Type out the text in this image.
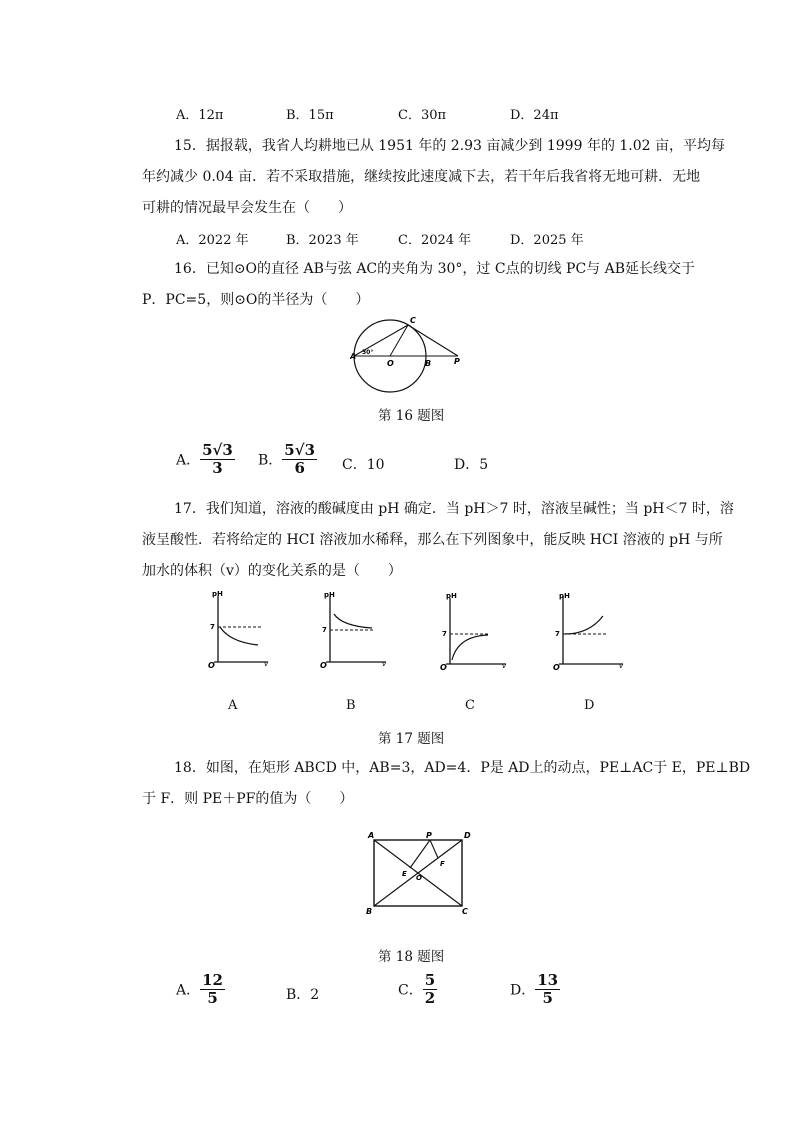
A．12π	B．15π	C．30π	D．24π
15．据报载，我省人均耕地已从 1951 年的 2.93 亩减少到 1999 年的 1.02 亩，平均每
年约减少 0.04 亩．若不采取措施，继续按此速度减下去，若干年后我省将无地可耕．无地
可耕的情况最早会发生在（　　）
A．2022 年	B．2023 年	C．2024 年	D．2025 年
16．已知⊙O的直径 AB与弦 AC的夹角为 30°，过 C点的切线 PC与 AB延长线交于
P．PC=5，则⊙O的半径为（　　）
A
C
O	B	P
30°
第 16 题图
A． $\frac{5√3}{3}$ B． $\frac{5√3}{6}$ C．10	D．5
17．我们知道，溶液的酸碱度由 pH 确定．当 pH＞7 时，溶液呈碱性；当 pH＜7 时，溶
液呈酸性．若将给定的 HCI 溶液加水稀释，那么在下列图象中，能反映 HCI 溶液的 pH 与所
加水的体积（v）的变化关系的是（　　）
pH
7
O	v
pH
7
O	v
pH
7
O	v
pH
7
O	v
A	B	C	D
第 17 题图
18．如图，在矩形 ABCD 中，AB=3，AD=4．P是 AD上的动点，PE⊥AC于 E，PE⊥BD
于 F．则 PE＋PF的值为（　　）
A	P	D
B	C
E
F
O
第 18 题图
A． $\frac{12}{5}$	B．2	C． $\frac{5}{2}$	D． $\frac{13}{5}$
